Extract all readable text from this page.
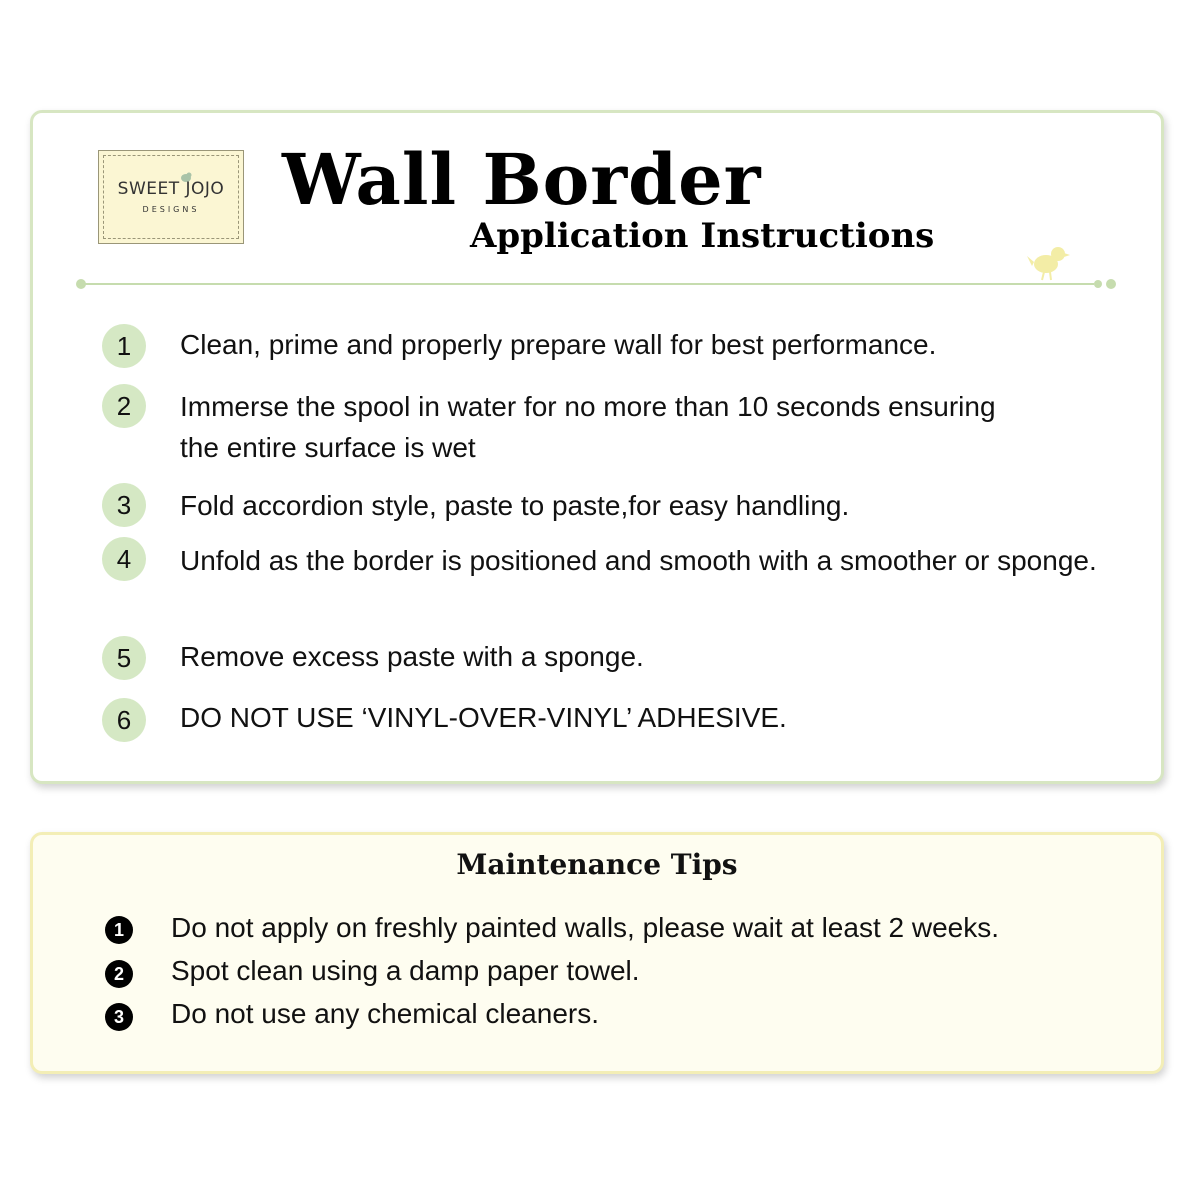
SWEET JOJO
DESIGNS	Wall Border
Application Instructions
1	Clean, prime and properly prepare wall for best performance.
2	Immerse the spool in water for no more than 10 seconds ensuring the entire surface is wet
3	Fold accordion style, paste to paste,for easy handling.
4	Unfold as the border is positioned and smooth with a smoother or sponge.
5	Remove excess paste with a sponge.
6	DO NOT USE ‘VINYL-OVER-VINYL’ ADHESIVE.
Maintenance Tips
1	Do not apply on freshly painted walls, please wait at least 2 weeks.
2	Spot clean using a damp paper towel.
3	Do not use any chemical cleaners.
